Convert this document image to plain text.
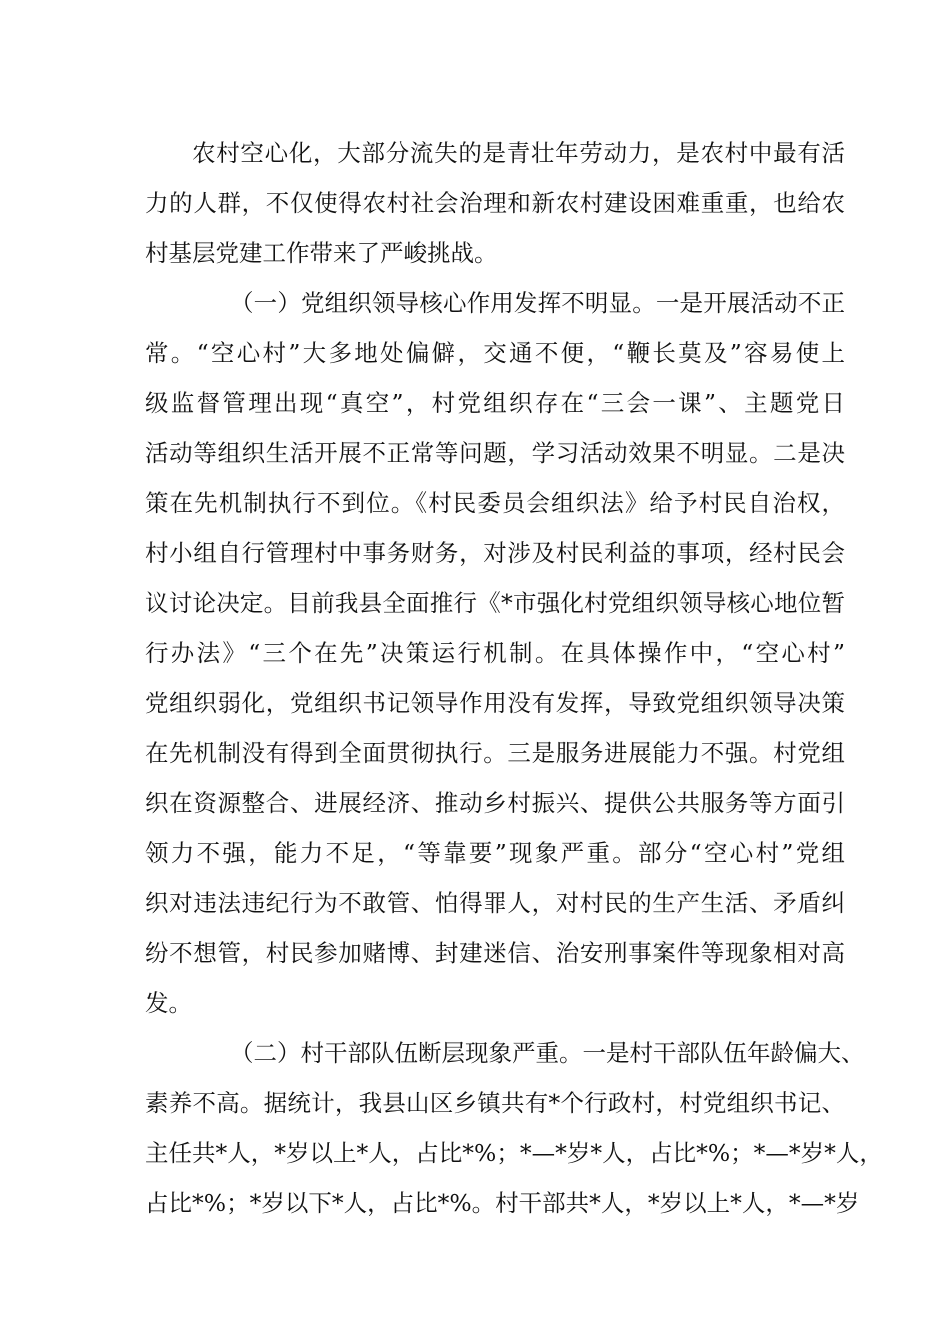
农村空心化，大部分流失的是青壮年劳动力，是农村中最有活
力的人群，不仅使得农村社会治理和新农村建设困难重重，也给农
村基层党建工作带来了严峻挑战。
（一）党组织领导核心作用发挥不明显。一是开展活动不正
常。“空心村”大多地处偏僻，交通不便，“鞭长莫及”容易使上
级监督管理出现“真空”，村党组织存在“三会一课”、主题党日
活动等组织生活开展不正常等问题，学习活动效果不明显。二是决
策在先机制执行不到位。《村民委员会组织法》给予村民自治权，
村小组自行管理村中事务财务，对涉及村民利益的事项，经村民会
议讨论决定。目前我县全面推行《*市强化村党组织领导核心地位暂
行办法》“三个在先”决策运行机制。在具体操作中，“空心村”
党组织弱化，党组织书记领导作用没有发挥，导致党组织领导决策
在先机制没有得到全面贯彻执行。三是服务进展能力不强。村党组
织在资源整合、进展经济、推动乡村振兴、提供公共服务等方面引
领力不强，能力不足，“等靠要”现象严重。部分“空心村”党组
织对违法违纪行为不敢管、怕得罪人，对村民的生产生活、矛盾纠
纷不想管，村民参加赌博、封建迷信、治安刑事案件等现象相对高
发。
（二）村干部队伍断层现象严重。一是村干部队伍年龄偏大、
素养不高。据统计，我县山区乡镇共有*个行政村，村党组织书记、
主任共*人，*岁以上*人，占比*%；*—*岁*人，占比*%；*—*岁*人，
占比*%；*岁以下*人，占比*%。村干部共*人，*岁以上*人，*—*岁
